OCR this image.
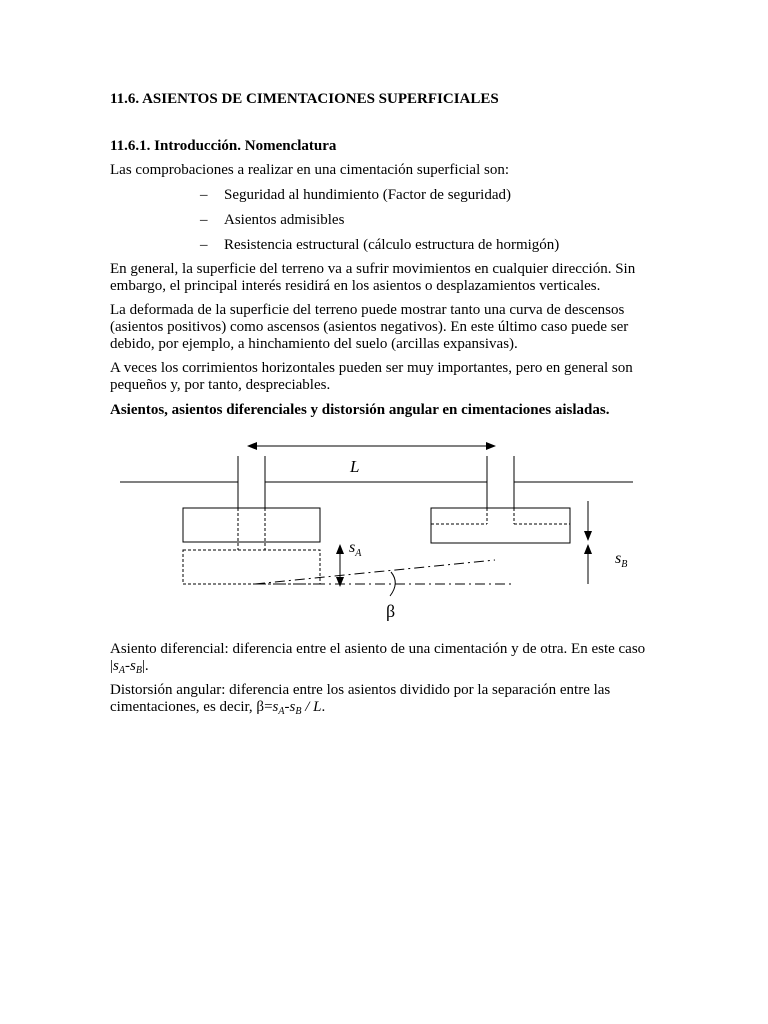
11.6. ASIENTOS DE CIMENTACIONES SUPERFICIALES
11.6.1. Introducción. Nomenclatura

Las comprobaciones a realizar en una cimentación superficial son:

– Seguridad al hundimiento (Factor de seguridad)
– Asientos admisibles
– Resistencia estructural (cálculo estructura de hormigón)

En general, la superficie del terreno va a sufrir movimientos en cualquier dirección. Sin embargo, el principal interés residirá en los asientos o desplazamientos verticales.

La deformada de la superficie del terreno puede mostrar tanto una curva de descensos (asientos positivos) como ascensos (asientos negativos). En este último caso puede ser debido, por ejemplo, a hinchamiento del suelo (arcillas expansivas).

A veces los corrimientos horizontales pueden ser muy importantes, pero en general son pequeños y, por tanto, despreciables.

Asientos, asientos diferenciales y distorsión angular en cimentaciones aisladas.

L
$s_A$	$s_B$
β

Asiento diferencial: diferencia entre el asiento de una cimentación y de otra. En este caso $|s_A-s_B|$.

Distorsión angular: diferencia entre los asientos dividido por la separación entre las cimentaciones, es decir, $\beta=s_A-s_B / L$.
